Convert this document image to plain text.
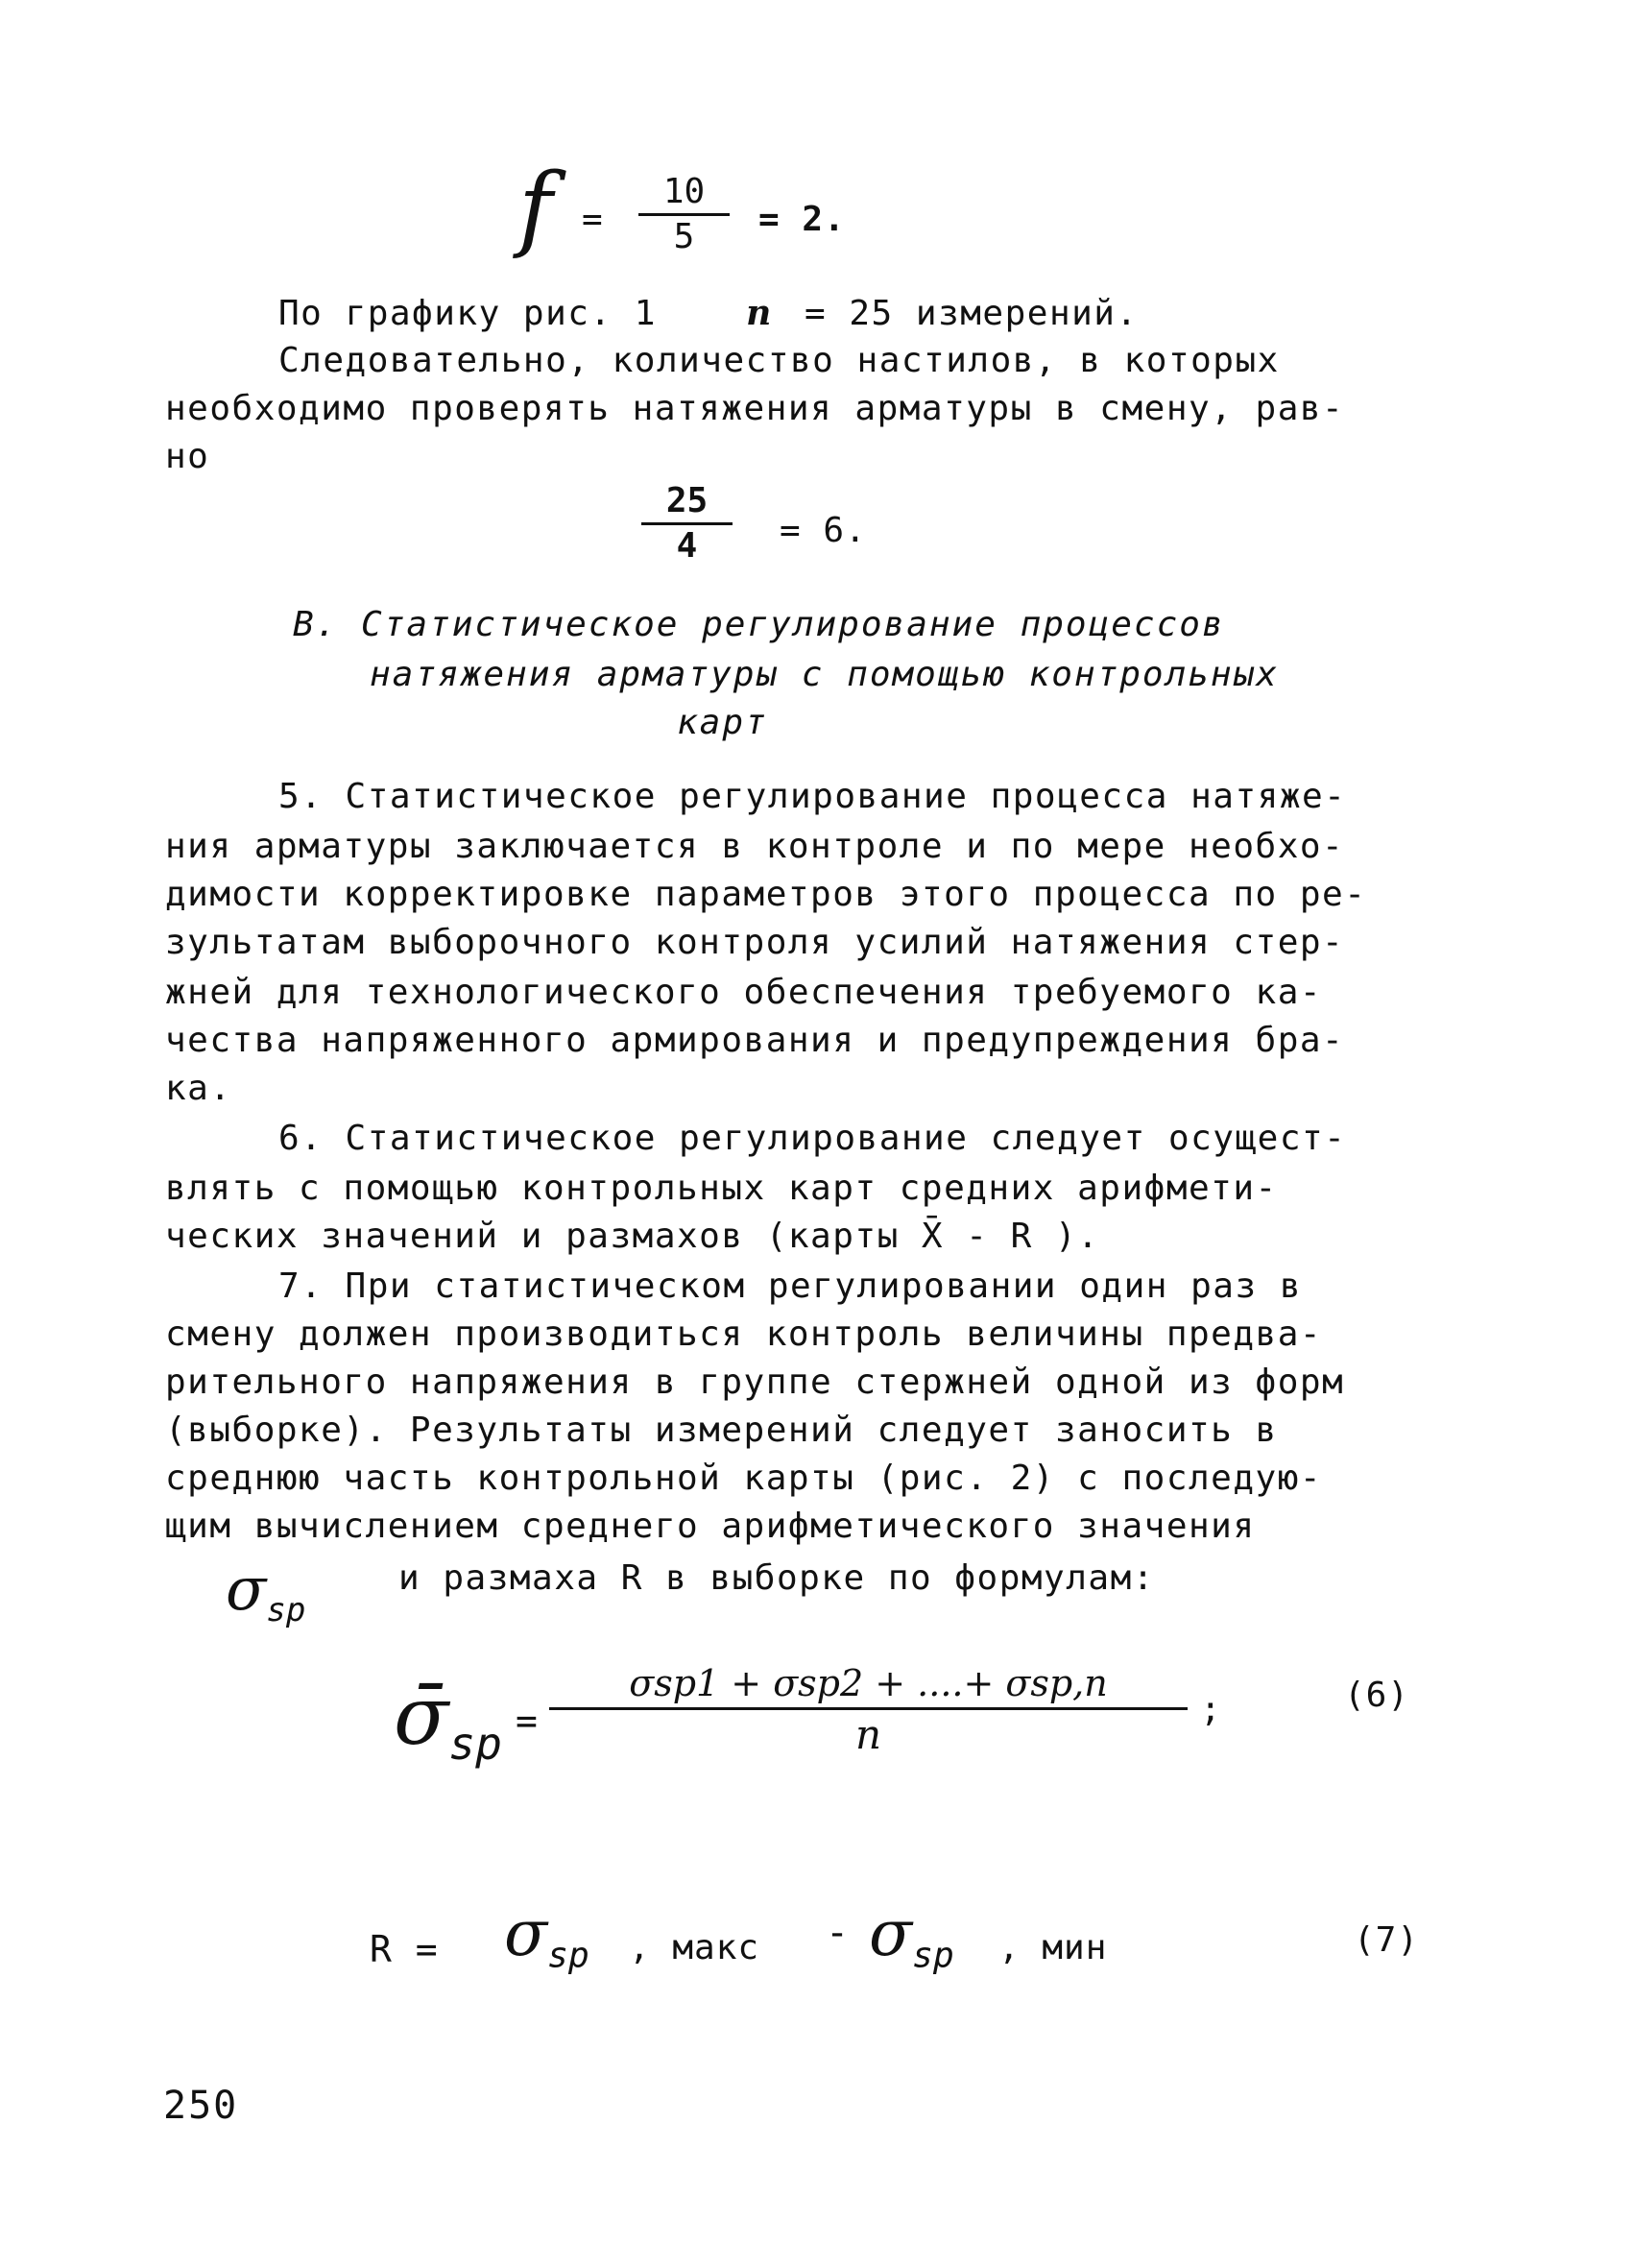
f =
10
5	= 2.
По графику рис. 1	n = 25 измерений.
Следовательно, количество настилов, в которых
необходимо проверять натяжения арматуры в смену, рав-
но
25
4	= 6.
В. Статистическое регулирование процессов
натяжения арматуры с помощью контрольных
карт
5. Статистическое регулирование процесса натяже-
ния арматуры заключается в контроле и по мере необхо-
димости корректировке параметров этого процесса по ре-
зультатам выборочного контроля усилий натяжения стер-
жней для технологического обеспечения требуемого ка-
чества напряженного армирования и предупреждения бра-
ка.
6. Статистическое регулирование следует осущест-
влять с помощью контрольных карт средних арифмети-
ческих значений и размахов (карты X̄ - R ).
7. При статистическом регулировании один раз в
смену должен производиться контроль величины предва-
рительного напряжения в группе стержней одной из форм
(выборке). Результаты измерений следует заносить в
среднюю часть контрольной карты (рис. 2) с последую-
щим вычислением среднего арифметического значения
$\sigma_{sp}$
и размаха R в выборке по формулам:
$\sigmā_{sp}$ =
σsp1 + σsp2 + ....+ σsp,n
n
;	(6)
$R = \sigma_{sp}$ , макс - $\sigma_{sp}$ , мин	(7)
250
